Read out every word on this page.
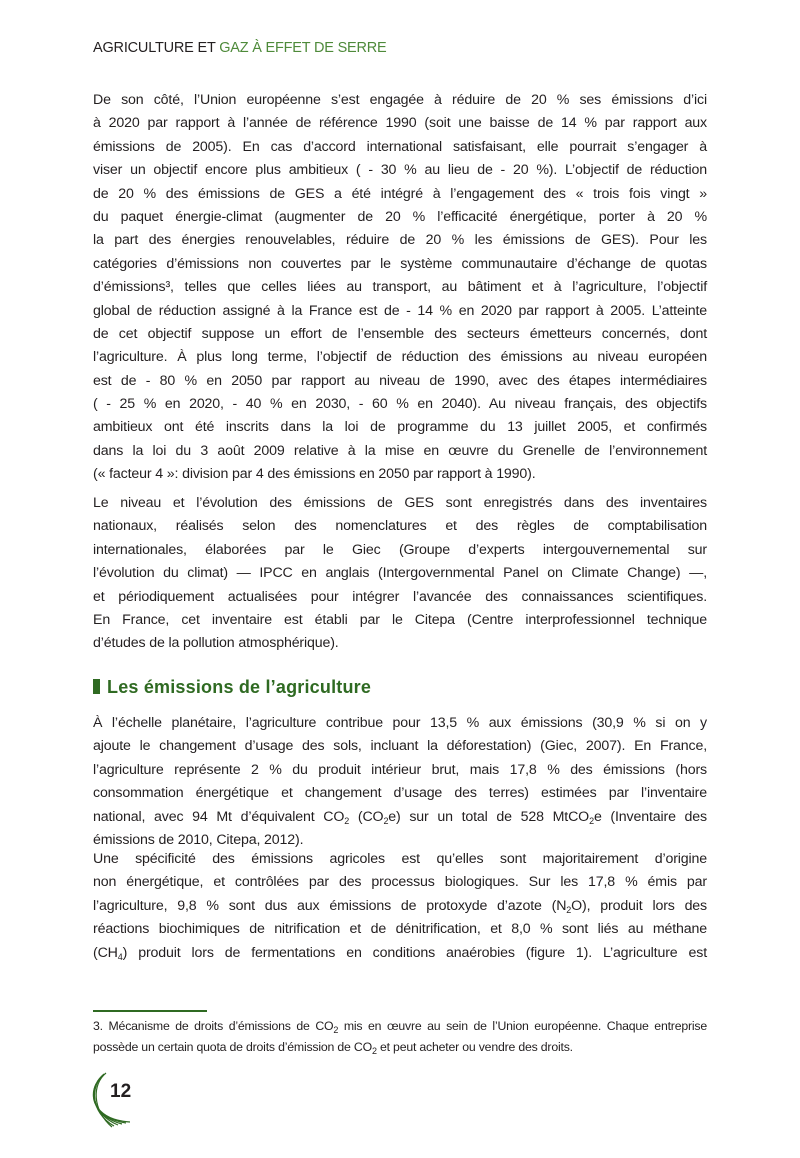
AGRICULTURE ET GAZ À EFFET DE SERRE
De son côté, l’Union européenne s’est engagée à réduire de 20 % ses émissions d’ici
à 2020 par rapport à l’année de référence 1990 (soit une baisse de 14 % par rapport aux
émissions de 2005). En cas d’accord international satisfaisant, elle pourrait s’engager à
viser un objectif encore plus ambitieux ( - 30 % au lieu de - 20 %). L’objectif de réduction
de 20 % des émissions de GES a été intégré à l’engagement des « trois fois vingt »
du paquet énergie-climat (augmenter de 20 % l’efficacité énergétique, porter à 20 %
la part des énergies renouvelables, réduire de 20 % les émissions de GES). Pour les
catégories d’émissions non couvertes par le système communautaire d’échange de quotas
d’émissions³, telles que celles liées au transport, au bâtiment et à l’agriculture, l’objectif
global de réduction assigné à la France est de - 14 % en 2020 par rapport à 2005. L’atteinte
de cet objectif suppose un effort de l’ensemble des secteurs émetteurs concernés, dont
l’agriculture. À plus long terme, l’objectif de réduction des émissions au niveau européen
est de - 80 % en 2050 par rapport au niveau de 1990, avec des étapes intermédiaires
( - 25 % en 2020, - 40 % en 2030, - 60 % en 2040). Au niveau français, des objectifs
ambitieux ont été inscrits dans la loi de programme du 13 juillet 2005, et confirmés
dans la loi du 3 août 2009 relative à la mise en œuvre du Grenelle de l’environnement
(« facteur 4 »: division par 4 des émissions en 2050 par rapport à 1990).
Le niveau et l’évolution des émissions de GES sont enregistrés dans des inventaires
nationaux, réalisés selon des nomenclatures et des règles de comptabilisation
internationales, élaborées par le Giec (Groupe d’experts intergouvernemental sur
l’évolution du climat) — IPCC en anglais (Intergovernmental Panel on Climate Change) —,
et périodiquement actualisées pour intégrer l’avancée des connaissances scientifiques.
En France, cet inventaire est établi par le Citepa (Centre interprofessionnel technique
d’études de la pollution atmosphérique).
Les émissions de l’agriculture
À l’échelle planétaire, l’agriculture contribue pour 13,5 % aux émissions (30,9 % si on y
ajoute le changement d’usage des sols, incluant la déforestation) (Giec, 2007). En France,
l’agriculture représente 2 % du produit intérieur brut, mais 17,8 % des émissions (hors
consommation énergétique et changement d’usage des terres) estimées par l’inventaire
national, avec 94 Mt d’équivalent $CO_2$ $(CO_2e)$ sur un total de 528 MtCO$_2$e (Inventaire des
émissions de 2010, Citepa, 2012).
Une spécificité des émissions agricoles est qu’elles sont majoritairement d’origine
non énergétique, et contrôlées par des processus biologiques. Sur les 17,8 % émis par
l’agriculture, 9,8 % sont dus aux émissions de protoxyde d’azote $(N_2O)$, produit lors des
réactions biochimiques de nitrification et de dénitrification, et 8,0 % sont liés au méthane
$(CH_4)$ produit lors de fermentations en conditions anaérobies (figure 1). L’agriculture est
3. Mécanisme de droits d’émissions de $CO_2$ mis en œuvre au sein de l’Union européenne. Chaque entreprise
possède un certain quota de droits d’émission de $CO_2$ et peut acheter ou vendre des droits.
12
